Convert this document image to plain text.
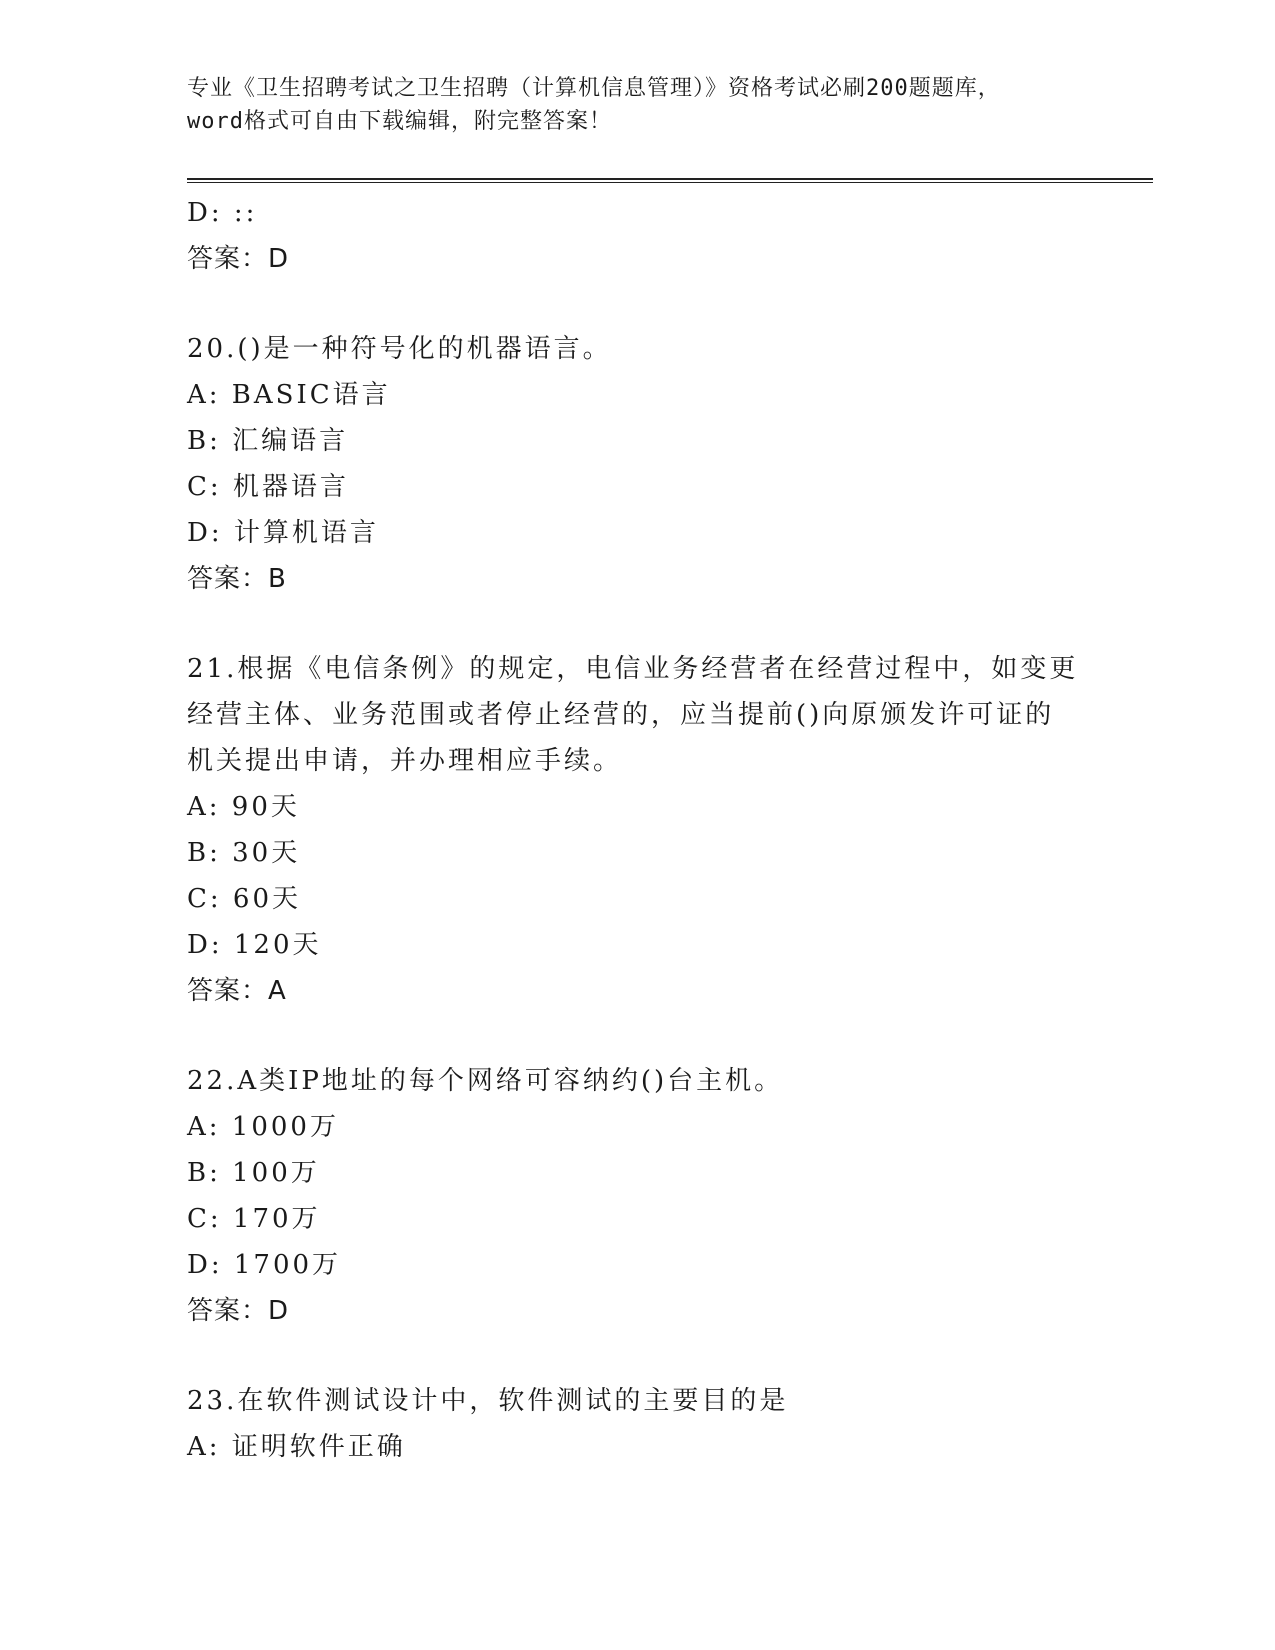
专业《卫生招聘考试之卫生招聘（计算机信息管理）》资格考试必刷200题题库，
word格式可自由下载编辑，附完整答案！
D: ::
答案：D
20.()是一种符号化的机器语言。
A: BASIC语言
B: 汇编语言
C: 机器语言
D: 计算机语言
答案：B
21.根据《电信条例》的规定，电信业务经营者在经营过程中，如变更
经营主体、业务范围或者停止经营的，应当提前()向原颁发许可证的
机关提出申请，并办理相应手续。
A: 90天
B: 30天
C: 60天
D: 120天
答案：A
22.A类IP地址的每个网络可容纳约()台主机。
A: 1000万
B: 100万
C: 170万
D: 1700万
答案：D
23.在软件测试设计中，软件测试的主要目的是
A: 证明软件正确
